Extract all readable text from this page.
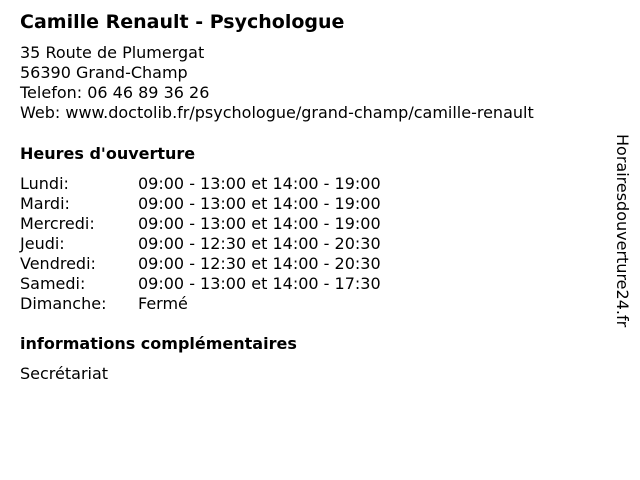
Camille Renault - Psychologue
35 Route de Plumergat
56390 Grand-Champ
Telefon: 06 46 89 36 26
Web: www.doctolib.fr/psychologue/grand-champ/camille-renault
Heures d'ouverture
Lundi:	09:00 - 13:00 et 14:00 - 19:00
Mardi:	09:00 - 13:00 et 14:00 - 19:00
Mercredi:	09:00 - 13:00 et 14:00 - 19:00
Jeudi:	09:00 - 12:30 et 14:00 - 20:30
Vendredi:	09:00 - 12:30 et 14:00 - 20:30
Samedi:	09:00 - 13:00 et 14:00 - 17:30
Dimanche: Fermé
informations complémentaires
Secrétariat
Horairesdouverture24.fr
